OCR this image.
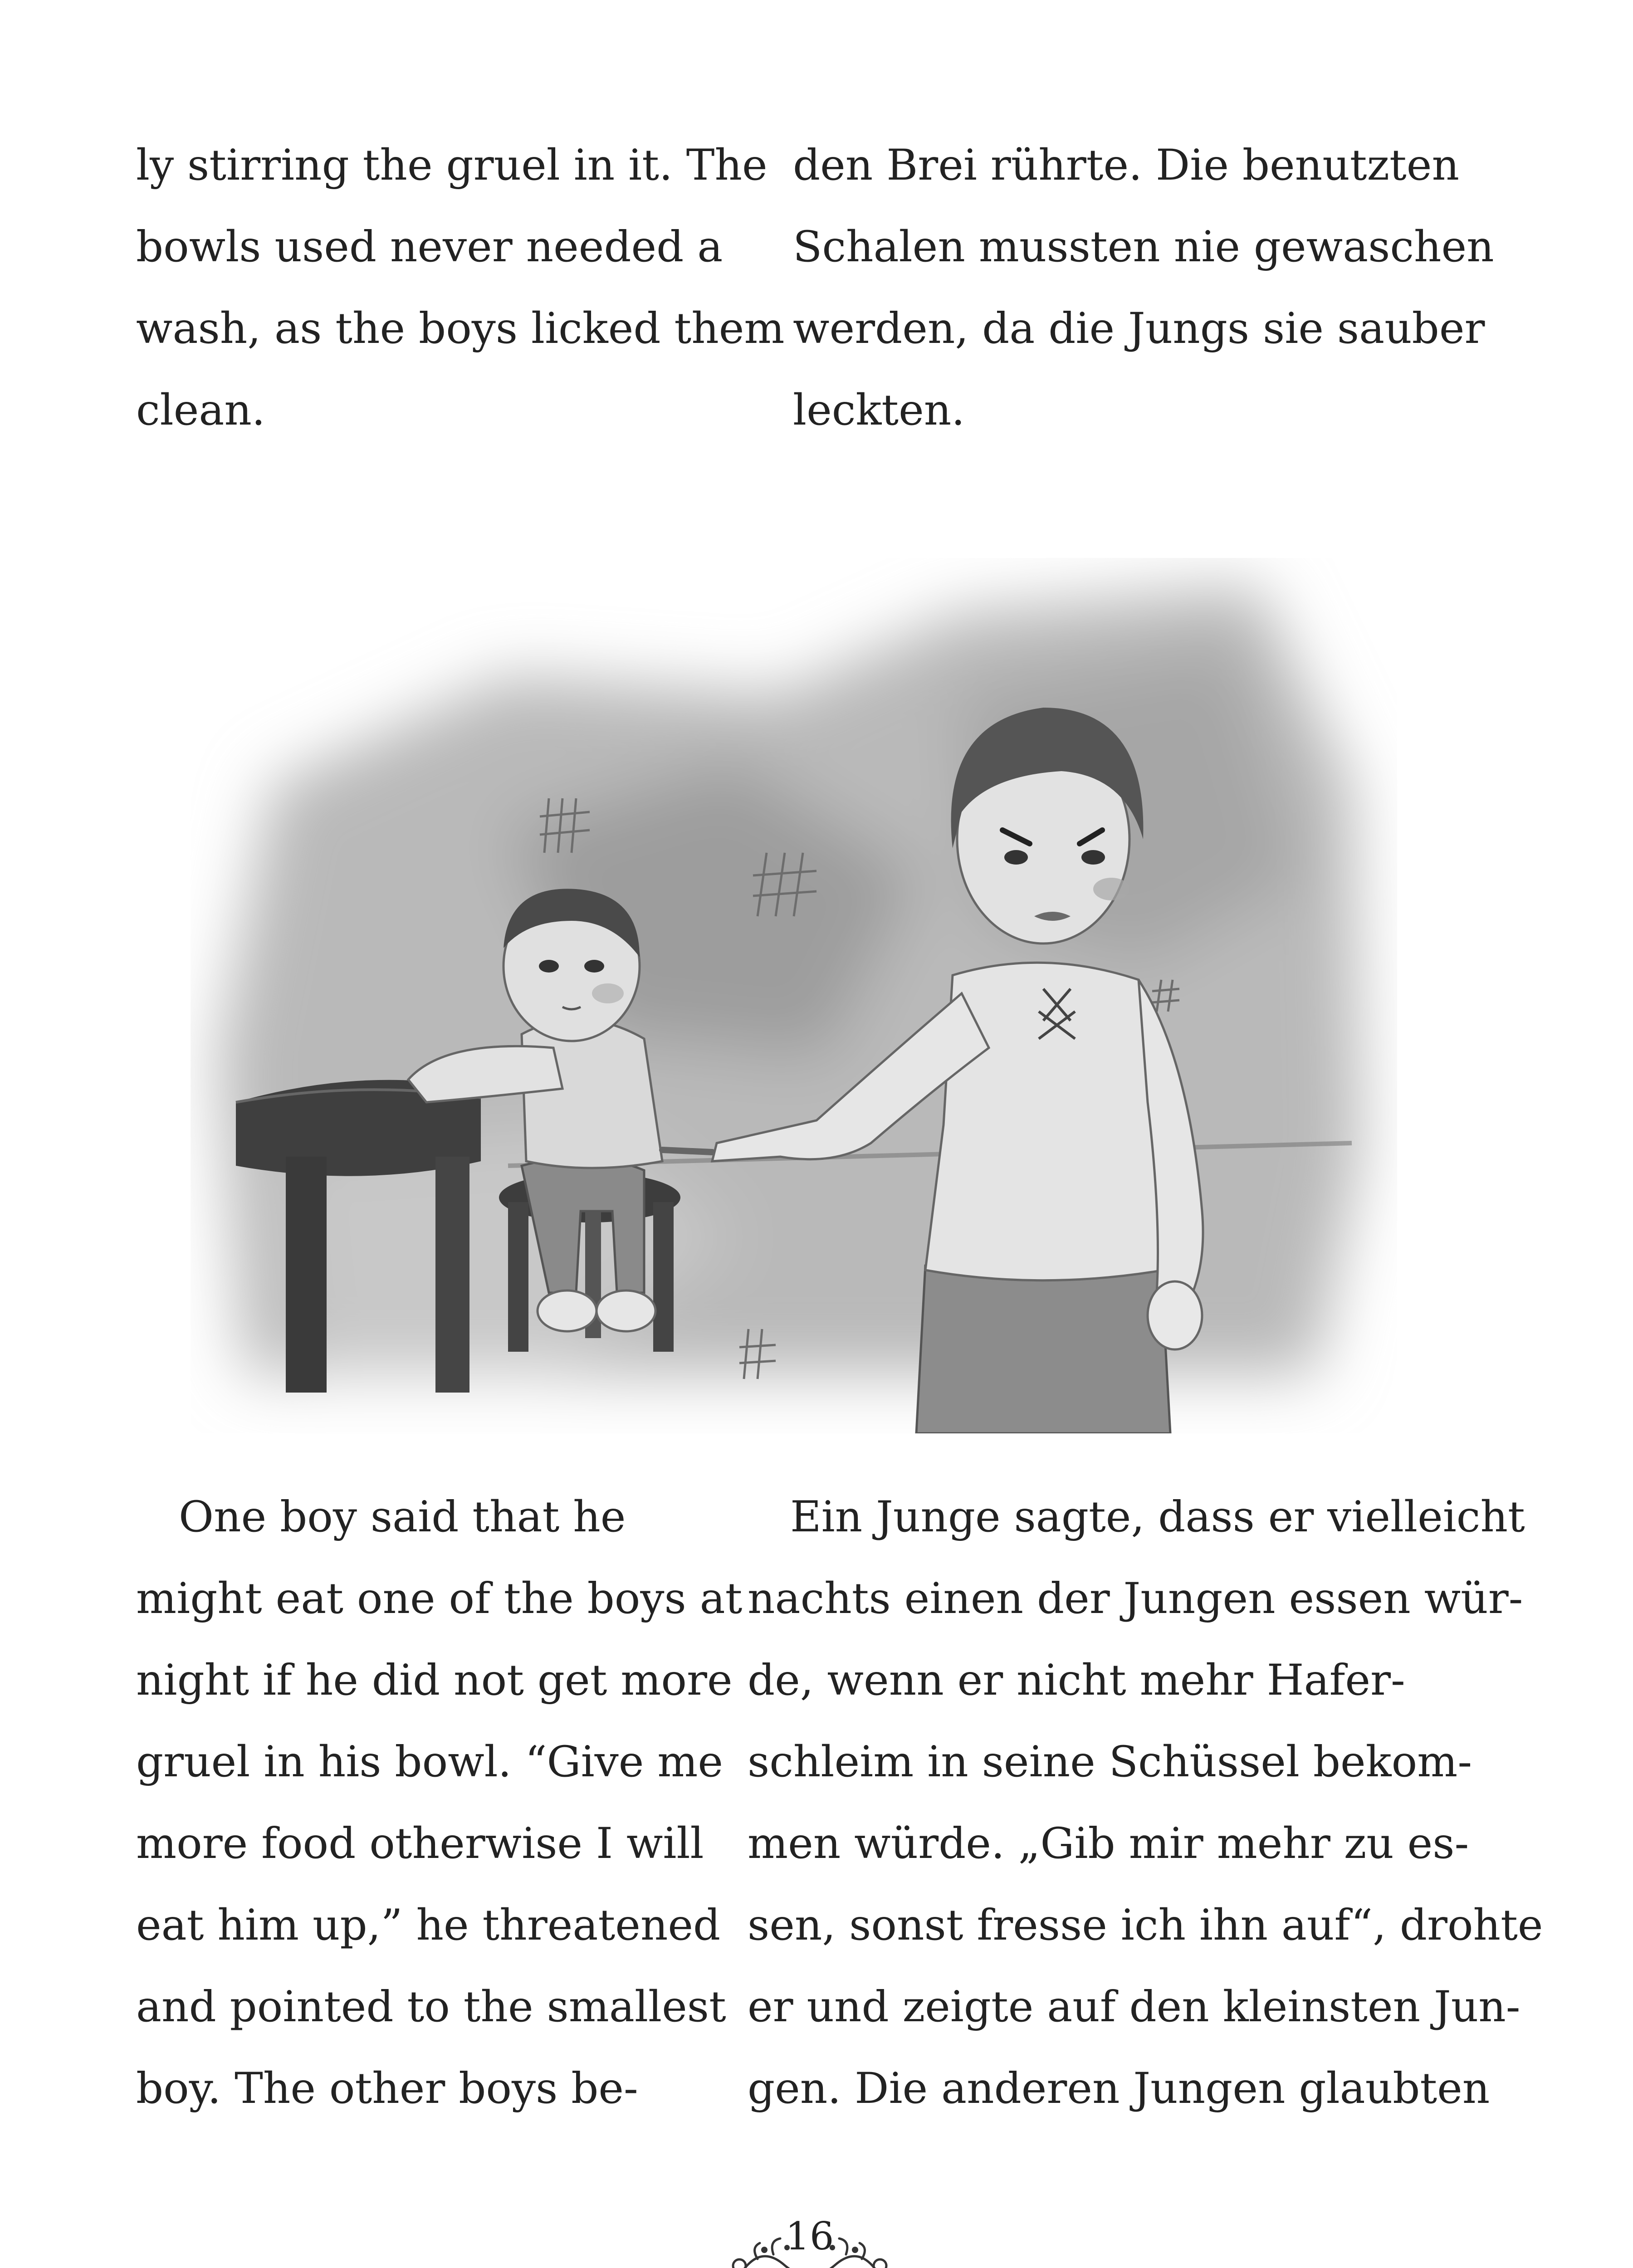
ly stirring the gruel in it. The
bowls used never needed a
wash, as the boys licked them
clean.
den Brei rührte. Die benutzten
Schalen mussten nie gewaschen
werden, da die Jungs sie sauber
leckten.
 One boy said that he
might eat one of the boys at
night if he did not get more
gruel in his bowl. “Give me
more food otherwise I will
eat him up,” he threatened
and pointed to the smallest
boy. The other boys be-
 Ein Junge sagte, dass er vielleicht
nachts einen der Jungen essen wür-
de, wenn er nicht mehr Hafer-
schleim in seine Schüssel bekom-
men würde. „Gib mir mehr zu es-
sen, sonst fresse ich ihn auf“, drohte
er und zeigte auf den kleinsten Jun-
gen. Die anderen Jungen glaubten
16
